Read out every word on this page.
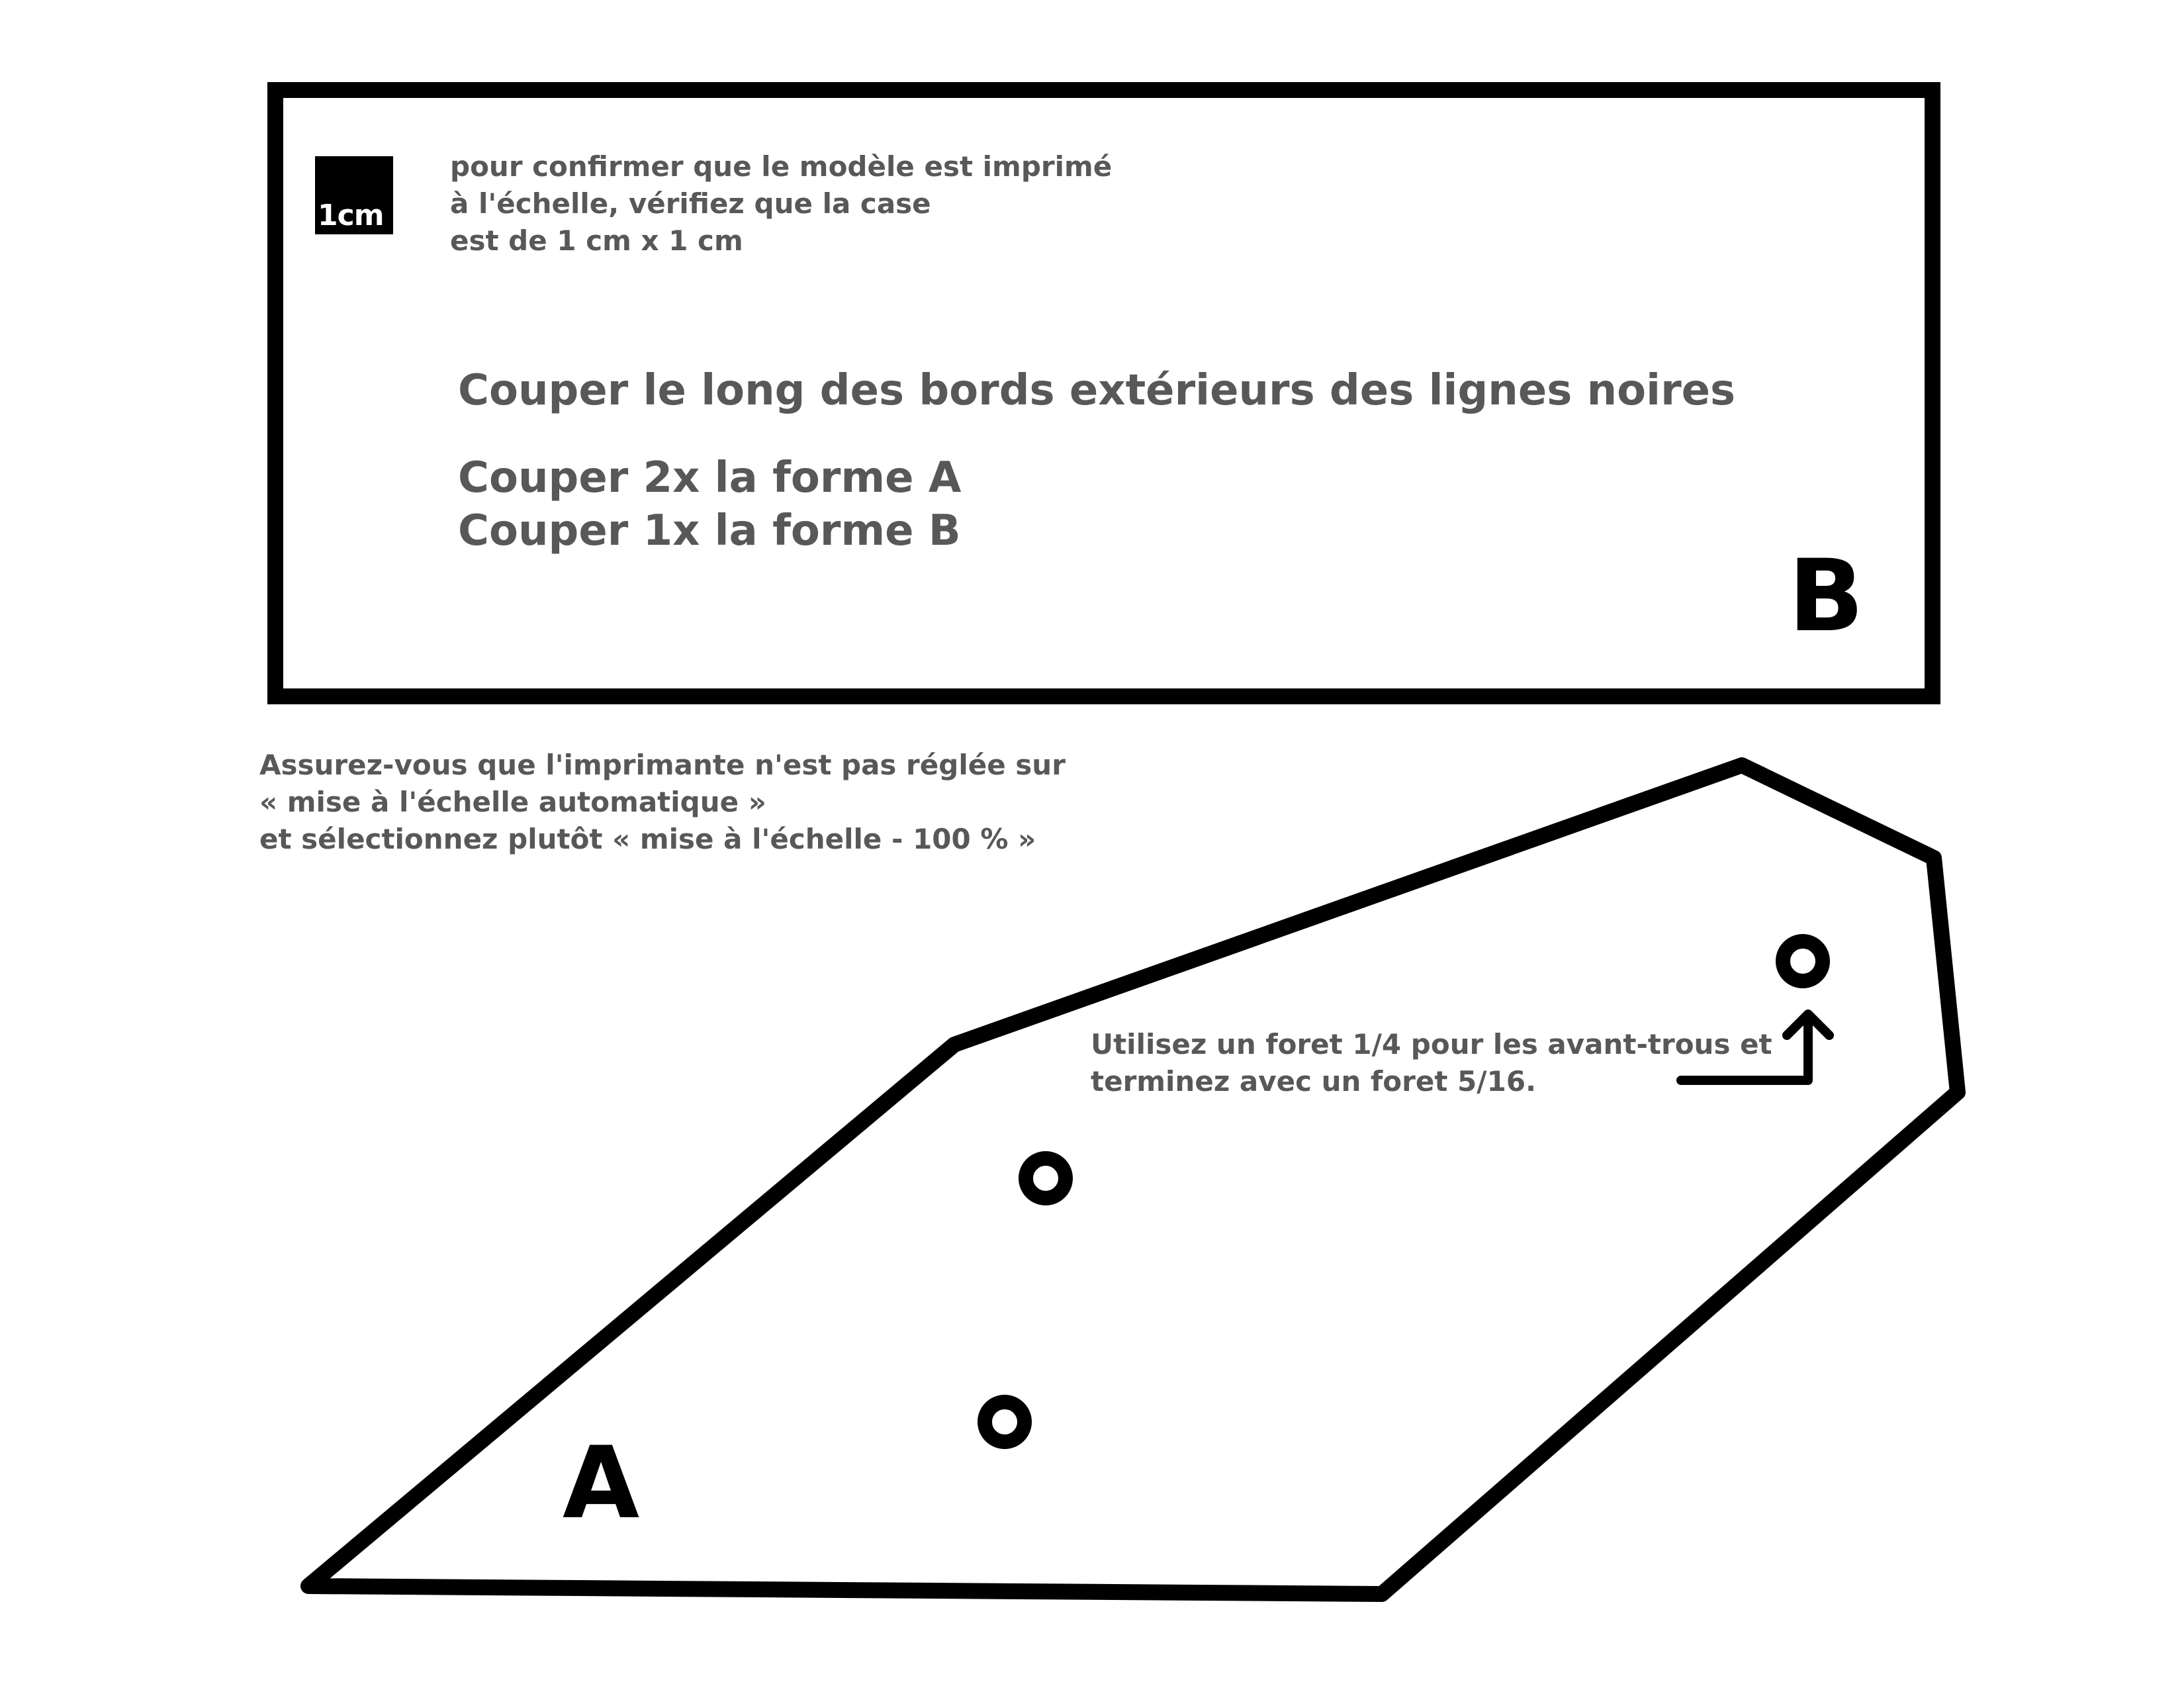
1cm

pour confirmer que le modèle est imprimé
à l'échelle, vérifiez que la case
est de 1 cm x 1 cm

Couper le long des bords extérieurs des lignes noires
Couper 2x la forme A
Couper 1x la forme B
B
Assurez-vous que l'imprimante n'est pas réglée sur
« mise à l'échelle automatique »
et sélectionnez plutôt « mise à l'échelle - 100 % »
A
Utilisez un foret 1/4 pour les avant-trous et
terminez avec un foret 5/16.
